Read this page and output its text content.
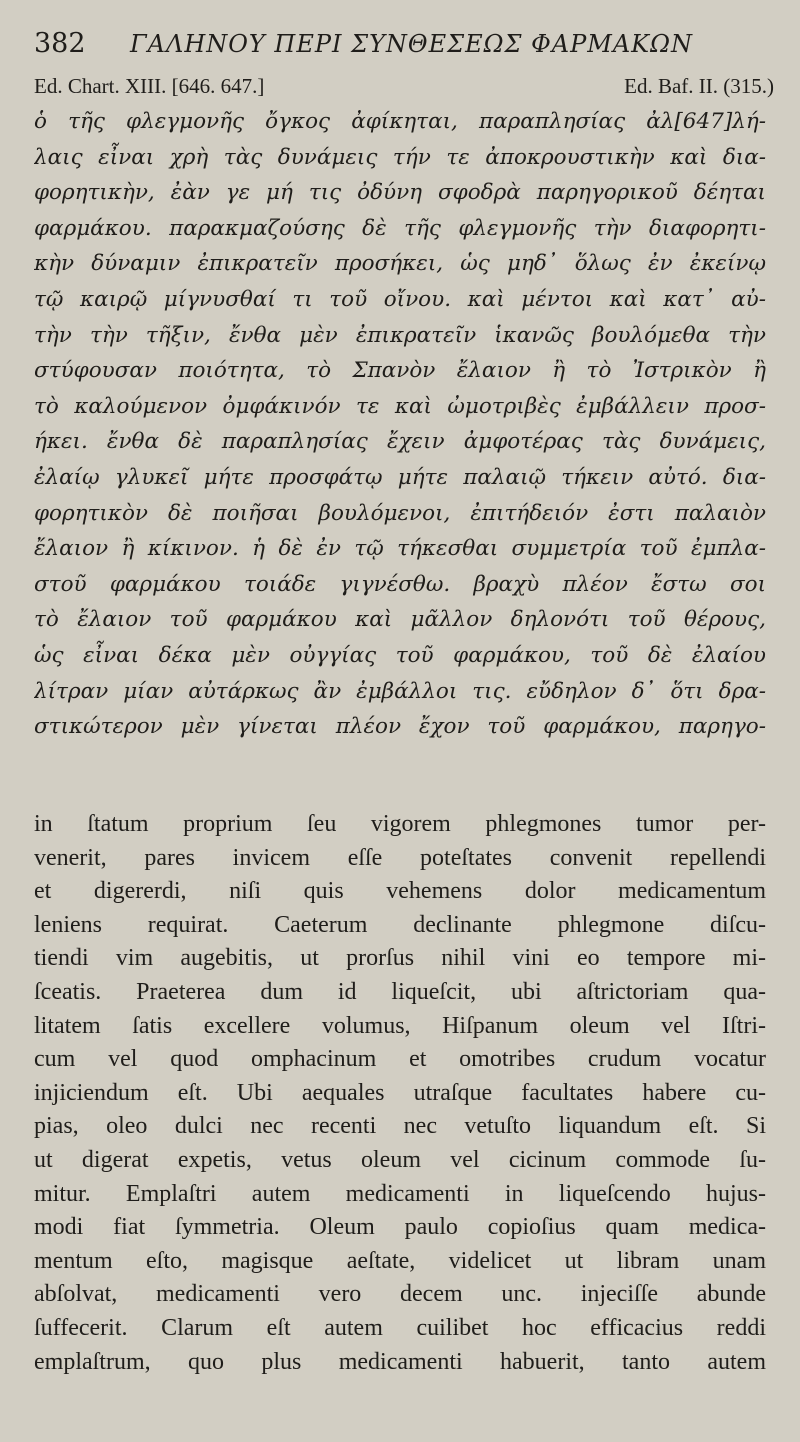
382 ΓΑΛΗΝΟΥ ΠΕΡΙ ΣΥΝΘΕΣΕΩΣ ΦΑΡΜΑΚΩΝ
Ed. Chart. XIII. [646. 647.]	Ed. Baf. II. (315.)
ὁ τῆς φλεγμονῆς ὄγκος ἀφίκηται, παραπλησίας ἀλ[647]λή-
λαις εἶναι χρὴ τὰς δυνάμεις τήν τε ἀποκρουστικὴν καὶ δια-
φορητικὴν, ἐὰν γε μή τις ὀδύνη σφοδρὰ παρηγορικοῦ δέηται
φαρμάκου. παρακμαζούσης δὲ τῆς φλεγμονῆς τὴν διαφορητι-
κὴν δύναμιν ἐπικρατεῖν προσήκει, ὡς μηδ᾽ ὅλως ἐν ἐκείνῳ
τῷ καιρῷ μίγνυσθαί τι τοῦ οἴνου. καὶ μέντοι καὶ κατ᾽ αὐ-
τὴν τὴν τῆξιν, ἔνθα μὲν ἐπικρατεῖν ἱκανῶς βουλόμεθα τὴν
στύφουσαν ποιότητα, τὸ Σπανὸν ἔλαιον ἢ τὸ Ἰστρικὸν ἢ
τὸ καλούμενον ὀμφάκινόν τε καὶ ὠμοτριβὲς ἐμβάλλειν προσ-
ήκει. ἔνθα δὲ παραπλησίας ἔχειν ἀμφοτέρας τὰς δυνάμεις,
ἐλαίῳ γλυκεῖ μήτε προσφάτῳ μήτε παλαιῷ τήκειν αὐτό. δια-
φορητικὸν δὲ ποιῆσαι βουλόμενοι, ἐπιτήδειόν ἐστι παλαιὸν
ἔλαιον ἢ κίκινον. ἡ δὲ ἐν τῷ τήκεσθαι συμμετρία τοῦ ἐμπλα-
στοῦ φαρμάκου τοιάδε γιγνέσθω. βραχὺ πλέον ἔστω σοι
τὸ ἔλαιον τοῦ φαρμάκου καὶ μᾶλλον δηλονότι τοῦ θέρους,
ὡς εἶναι δέκα μὲν οὐγγίας τοῦ φαρμάκου, τοῦ δὲ ἐλαίου
λίτραν μίαν αὐτάρκως ἂν ἐμβάλλοι τις. εὔδηλον δ᾽ ὅτι δρα-
στικώτερον μὲν γίνεται πλέον ἔχον τοῦ φαρμάκου, παρηγο-
in ſtatum proprium ſeu vigorem phlegmones tumor per-
venerit, pares invicem eſſe poteſtates convenit repellendi
et digererdi, niſi quis vehemens dolor medicamentum
leniens requirat. Caeterum declinante phlegmone diſcu-
tiendi vim augebitis, ut prorſus nihil vini eo tempore mi-
ſceatis. Praeterea dum id liqueſcit, ubi aſtrictoriam qua-
litatem ſatis excellere volumus, Hiſpanum oleum vel Iſtri-
cum vel quod omphacinum et omotribes crudum vocatur
injiciendum eſt. Ubi aequales utraſque facultates habere cu-
pias, oleo dulci nec recenti nec vetuſto liquandum eſt. Si
ut digerat expetis, vetus oleum vel cicinum commode ſu-
mitur. Emplaſtri autem medicamenti in liqueſcendo hujus-
modi fiat ſymmetria. Oleum paulo copioſius quam medica-
mentum eſto, magisque aeſtate, videlicet ut libram unam
abſolvat, medicamenti vero decem unc. injeciſſe abunde
ſuffecerit. Clarum eſt autem cuilibet hoc efficacius reddi
emplaſtrum, quo plus medicamenti habuerit, tanto autem
